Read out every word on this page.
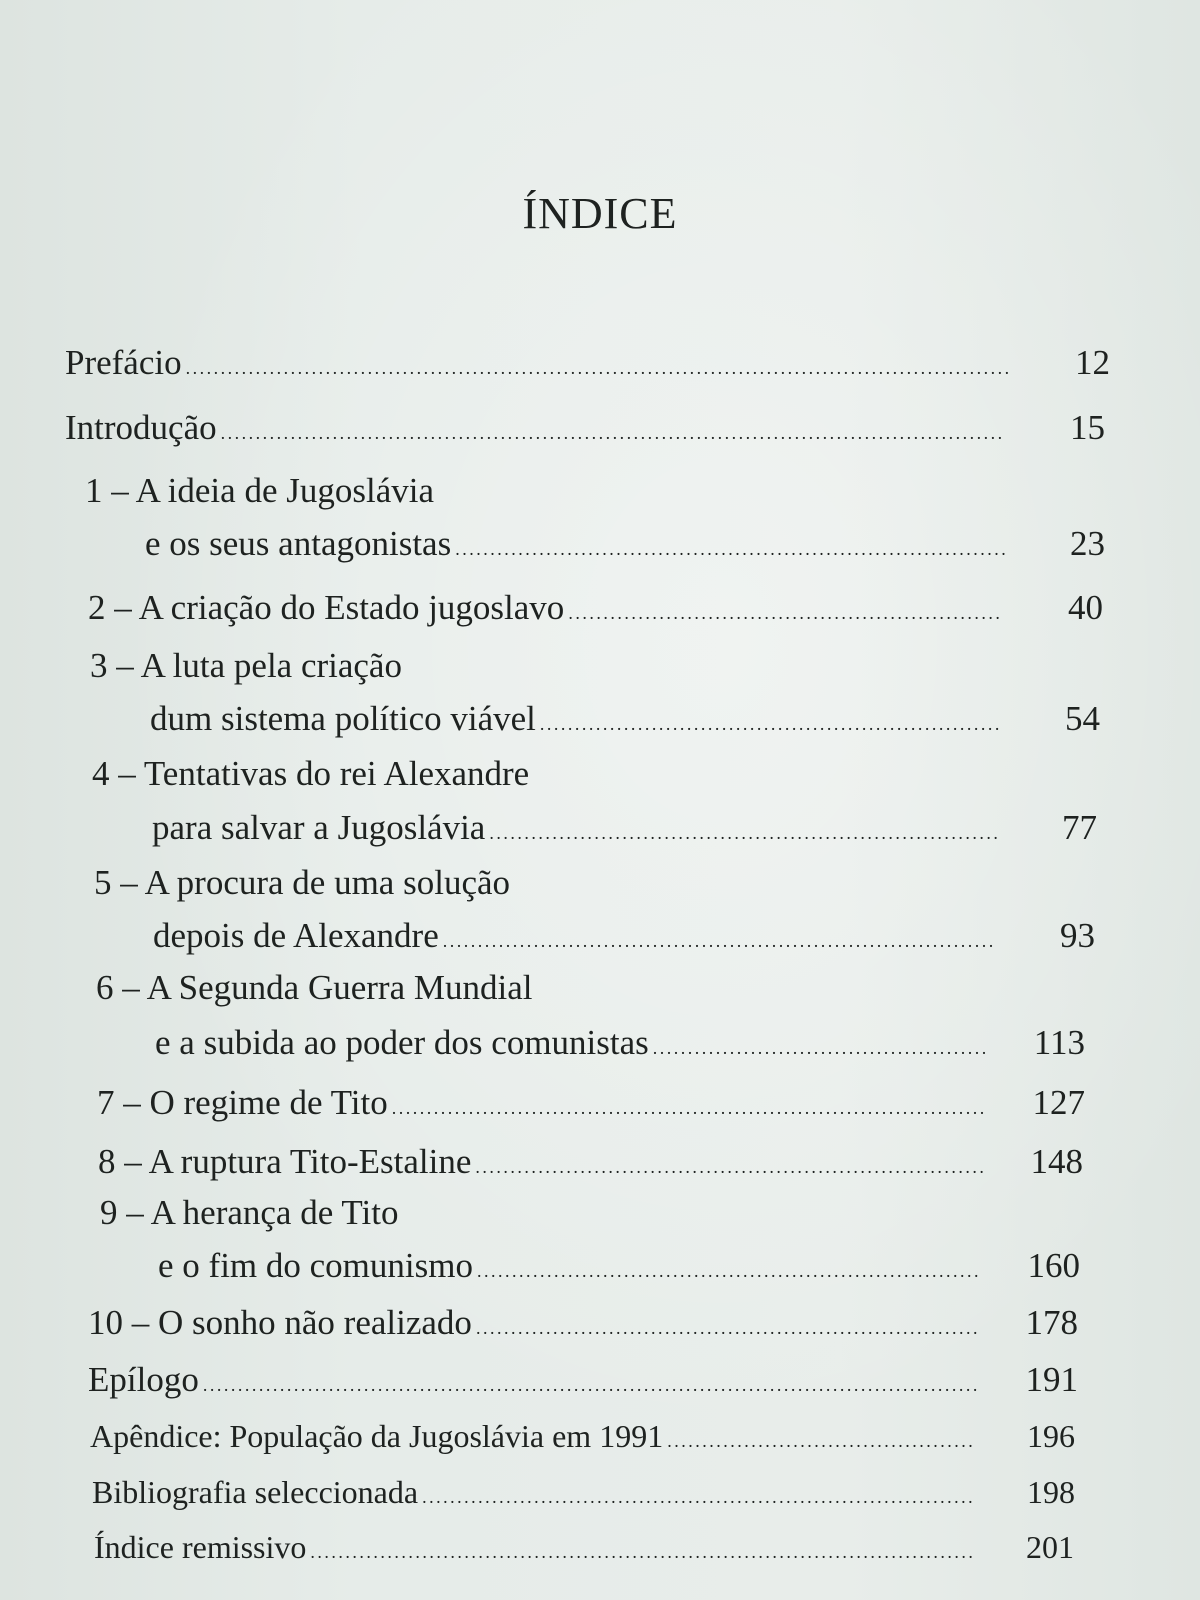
ÍNDICE
Prefácio . . .	12
Introdução . . .	15
1 – A ideia de Jugoslávia
e os seus antagonistas . . .	23
2 – A criação do Estado jugoslavo . . .	40
3 – A luta pela criação
dum sistema político viável . . .	54
4 – Tentativas do rei Alexandre
para salvar a Jugoslávia . . .	77
5 – A procura de uma solução
depois de Alexandre . . .	93
6 – A Segunda Guerra Mundial
e a subida ao poder dos comunistas . . .	113
7 – O regime de Tito . . .	127
8 – A ruptura Tito-Estaline . . .	148
9 – A herança de Tito
e o fim do comunismo . . .	160
10 – O sonho não realizado . . .	178
Epílogo . . .	191
Apêndice: População da Jugoslávia em 1991 . . .	196
Bibliografia seleccionada . . .	198
Índice remissivo . . .	201
